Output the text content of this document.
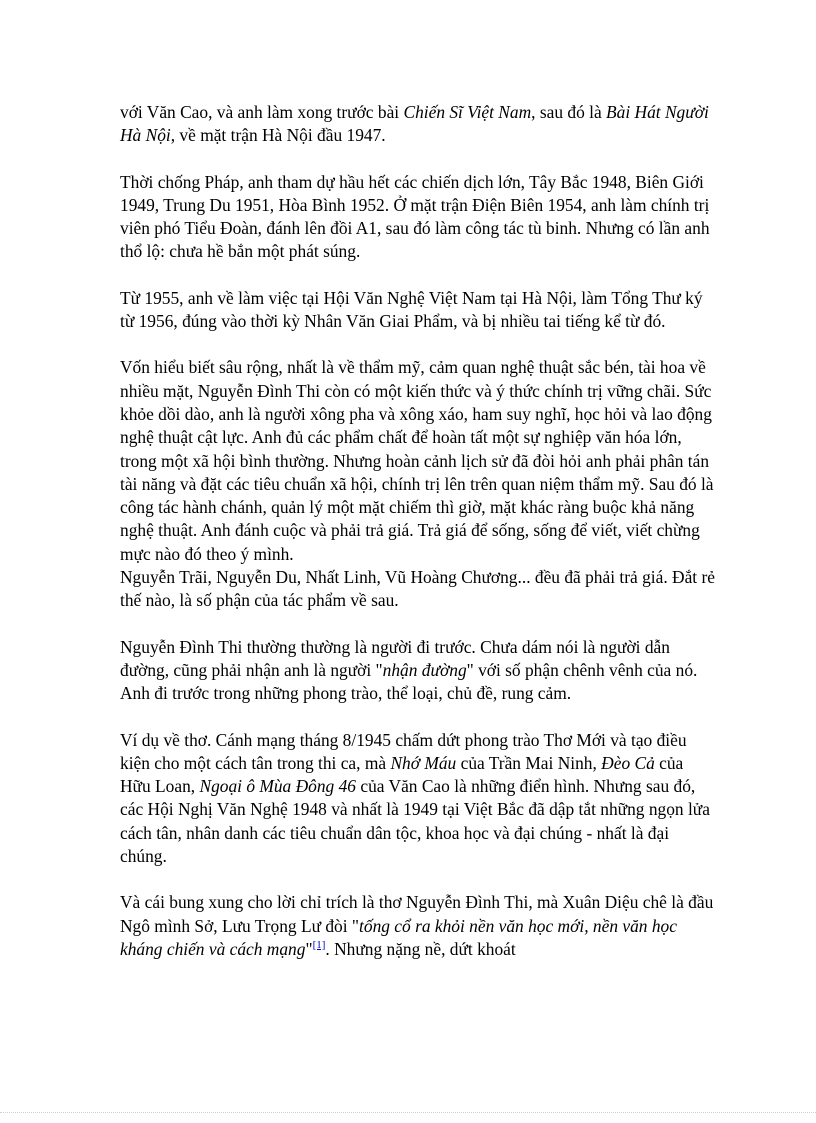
với Văn Cao, và anh làm xong trước bài Chiến Sĩ Việt Nam, sau đó là Bài Hát Người Hà Nội, về mặt trận Hà Nội đầu 1947.

Thời chống Pháp, anh tham dự hầu hết các chiến dịch lớn, Tây Bắc 1948, Biên Giới 1949, Trung Du 1951, Hòa Bình 1952. Ở mặt trận Điện Biên 1954, anh làm chính trị viên phó Tiểu Đoàn, đánh lên đồi A1, sau đó làm công tác tù binh. Nhưng có lần anh thổ lộ: chưa hề bắn một phát súng.

Từ 1955, anh về làm việc tại Hội Văn Nghệ Việt Nam tại Hà Nội, làm Tổng Thư ký từ 1956, đúng vào thời kỳ Nhân Văn Giai Phẩm, và bị nhiều tai tiếng kể từ đó.

Vốn hiểu biết sâu rộng, nhất là về thẩm mỹ, cảm quan nghệ thuật sắc bén, tài hoa về nhiều mặt, Nguyễn Đình Thi còn có một kiến thức và ý thức chính trị vững chãi. Sức khỏe dồi dào, anh là người xông pha và xông xáo, ham suy nghĩ, học hỏi và lao động nghệ thuật cật lực. Anh đủ các phẩm chất để hoàn tất một sự nghiệp văn hóa lớn, trong một xã hội bình thường. Nhưng hoàn cảnh lịch sử đã đòi hỏi anh phải phân tán tài năng và đặt các tiêu chuẩn xã hội, chính trị lên trên quan niệm thẩm mỹ. Sau đó là công tác hành chánh, quản lý một mặt chiếm thì giờ, mặt khác ràng buộc khả năng nghệ thuật. Anh đánh cuộc và phải trả giá. Trả giá để sống, sống để viết, viết chừng mực nào đó theo ý mình.

Nguyễn Trãi, Nguyễn Du, Nhất Linh, Vũ Hoàng Chương... đều đã phải trả giá. Đắt rẻ thế nào, là số phận của tác phẩm về sau.

Nguyễn Đình Thi thường thường là người đi trước. Chưa dám nói là người dẫn đường, cũng phải nhận anh là người "nhận đường" với số phận chênh vênh của nó. Anh đi trước trong những phong trào, thể loại, chủ đề, rung cảm.

Ví dụ về thơ. Cánh mạng tháng 8/1945 chấm dứt phong trào Thơ Mới và tạo điều kiện cho một cách tân trong thi ca, mà Nhớ Máu của Trần Mai Ninh, Đèo Cả của Hữu Loan, Ngoại ô Mùa Đông 46 của Văn Cao là những điển hình. Nhưng sau đó, các Hội Nghị Văn Nghệ 1948 và nhất là 1949 tại Việt Bắc đã dập tắt những ngọn lửa cách tân, nhân danh các tiêu chuẩn dân tộc, khoa học và đại chúng - nhất là đại chúng.

Và cái bung xung cho lời chỉ trích là thơ Nguyễn Đình Thi, mà Xuân Diệu chê là đầu Ngô mình Sở, Lưu Trọng Lư đòi "tống cổ ra khỏi nền văn học mới, nền văn học kháng chiến và cách mạng"[1]. Nhưng nặng nề, dứt khoát
